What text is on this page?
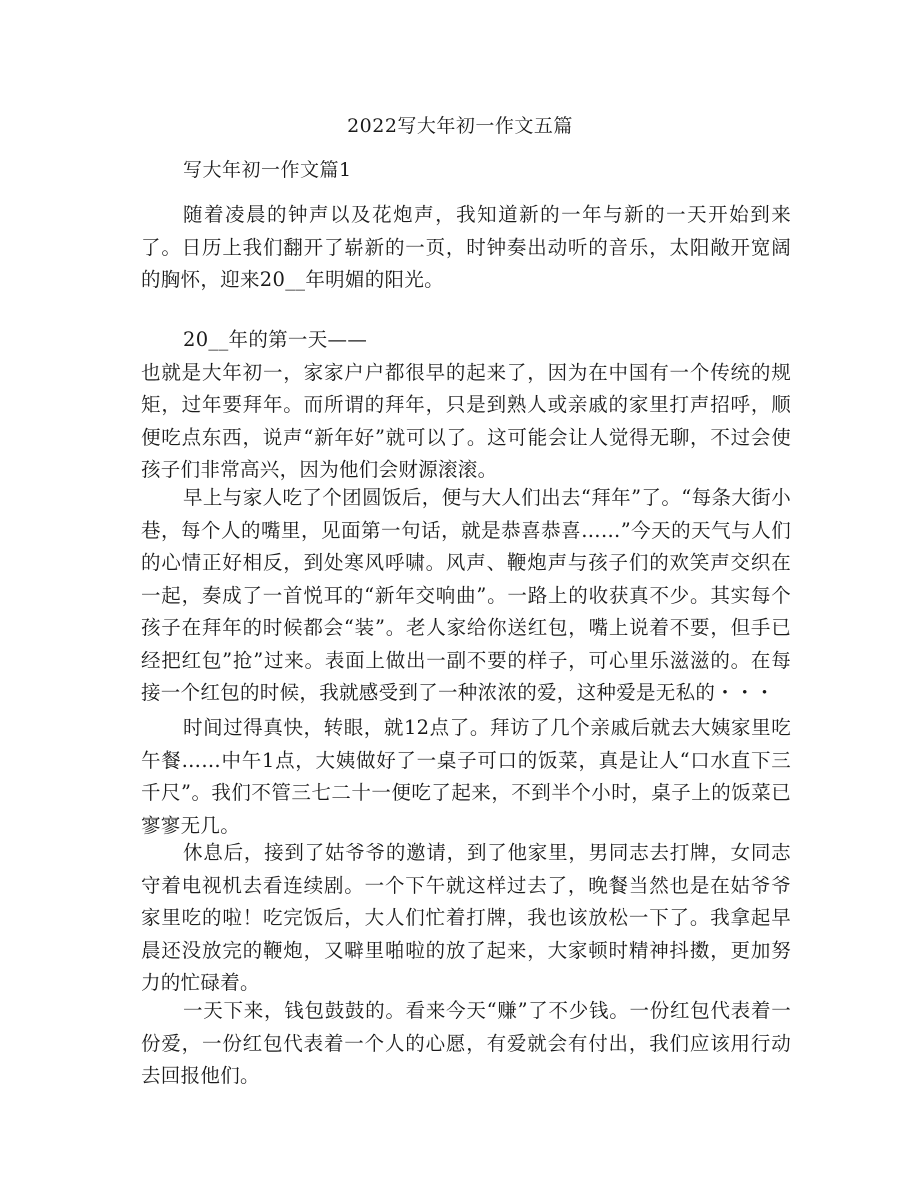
2022写大年初一作文五篇
写大年初一作文篇1

随着凌晨的钟声以及花炮声，我知道新的一年与新的一天开始到来了。日历上我们翻开了崭新的一页，时钟奏出动听的音乐，太阳敞开宽阔的胸怀，迎来20__年明媚的阳光。

20__年的第一天——
也就是大年初一，家家户户都很早的起来了，因为在中国有一个传统的规矩，过年要拜年。而所谓的拜年，只是到熟人或亲戚的家里打声招呼，顺便吃点东西，说声“新年好”就可以了。这可能会让人觉得无聊，不过会使孩子们非常高兴，因为他们会财源滚滚。

早上与家人吃了个团圆饭后，便与大人们出去“拜年”了。“每条大街小巷，每个人的嘴里，见面第一句话，就是恭喜恭喜……”今天的天气与人们的心情正好相反，到处寒风呼啸。风声、鞭炮声与孩子们的欢笑声交织在一起，奏成了一首悦耳的“新年交响曲”。一路上的收获真不少。其实每个孩子在拜年的时候都会“装”。老人家给你送红包，嘴上说着不要，但手已经把红包”抢”过来。表面上做出一副不要的样子，可心里乐滋滋的。在每接一个红包的时候，我就感受到了一种浓浓的爱，这种爱是无私的・・・

时间过得真快，转眼，就12点了。拜访了几个亲戚后就去大姨家里吃午餐……中午1点，大姨做好了一桌子可口的饭菜，真是让人“口水直下三千尺”。我们不管三七二十一便吃了起来，不到半个小时，桌子上的饭菜已寥寥无几。

休息后，接到了姑爷爷的邀请，到了他家里，男同志去打牌，女同志守着电视机去看连续剧。一个下午就这样过去了，晚餐当然也是在姑爷爷家里吃的啦！吃完饭后，大人们忙着打牌，我也该放松一下了。我拿起早晨还没放完的鞭炮，又噼里啪啦的放了起来，大家顿时精神抖擞，更加努力的忙碌着。

一天下来，钱包鼓鼓的。看来今天“赚”了不少钱。一份红包代表着一份爱，一份红包代表着一个人的心愿，有爱就会有付出，我们应该用行动去回报他们。
